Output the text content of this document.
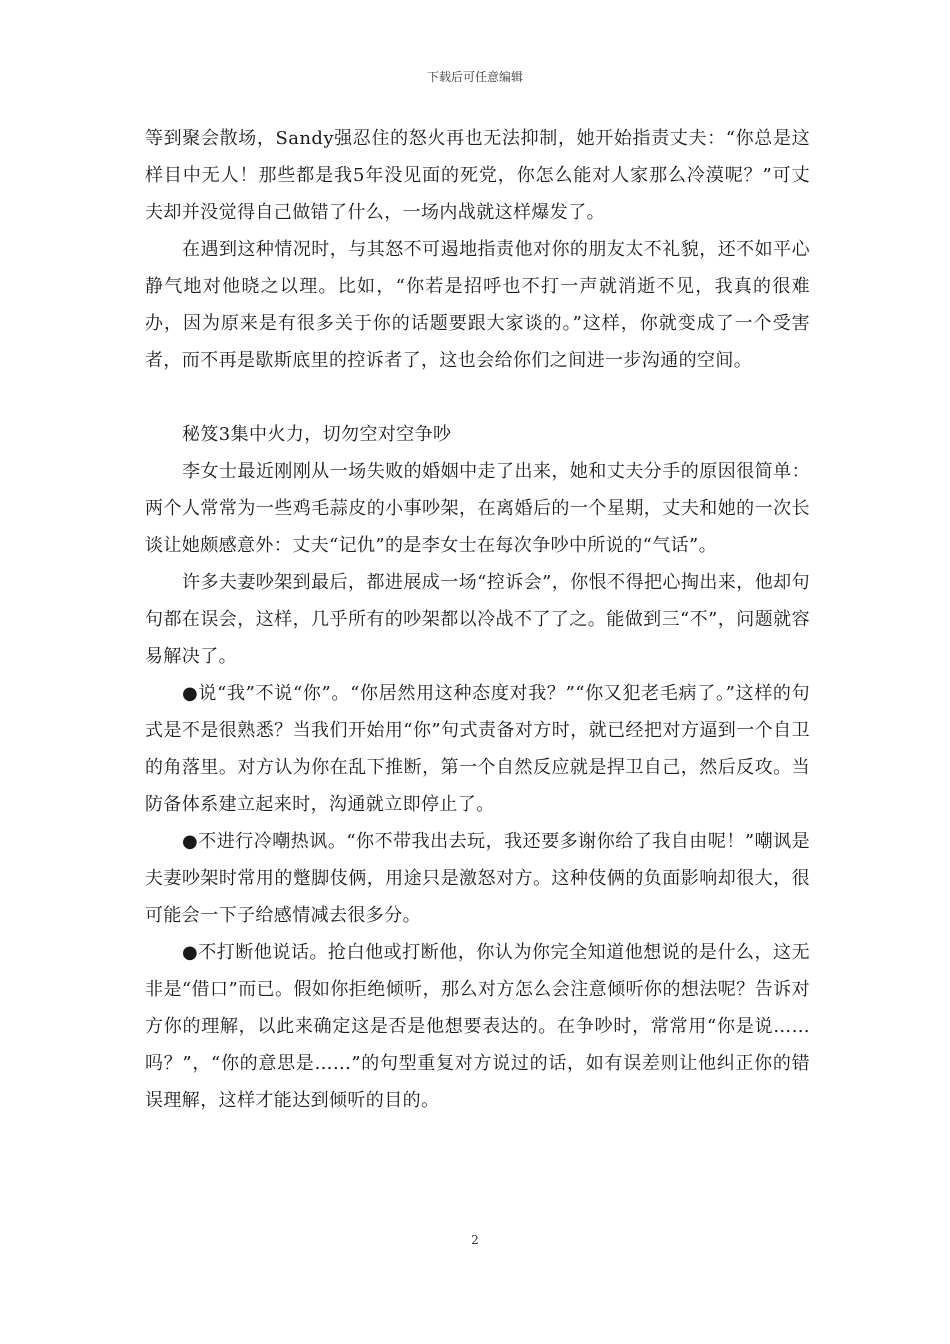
下载后可任意编辑

等到聚会散场，Sandy强忍住的怒火再也无法抑制，她开始指责丈夫：“你总是这样目中无人！那些都是我5年没见面的死党，你怎么能对人家那么冷漠呢？”可丈夫却并没觉得自己做错了什么，一场内战就这样爆发了。

在遇到这种情况时，与其怒不可遏地指责他对你的朋友太不礼貌，还不如平心静气地对他晓之以理。比如，“你若是招呼也不打一声就消逝不见，我真的很难办，因为原来是有很多关于你的话题要跟大家谈的。”这样，你就变成了一个受害者，而不再是歇斯底里的控诉者了，这也会给你们之间进一步沟通的空间。

秘笈3集中火力，切勿空对空争吵

李女士最近刚刚从一场失败的婚姻中走了出来，她和丈夫分手的原因很简单：两个人常常为一些鸡毛蒜皮的小事吵架，在离婚后的一个星期，丈夫和她的一次长谈让她颇感意外：丈夫“记仇”的是李女士在每次争吵中所说的“气话”。

许多夫妻吵架到最后，都进展成一场“控诉会”，你恨不得把心掏出来，他却句句都在误会，这样，几乎所有的吵架都以冷战不了了之。能做到三“不”，问题就容易解决了。

●说“我”不说“你”。“你居然用这种态度对我？”“你又犯老毛病了。”这样的句式是不是很熟悉？当我们开始用“你”句式责备对方时，就已经把对方逼到一个自卫的角落里。对方认为你在乱下推断，第一个自然反应就是捍卫自己，然后反攻。当防备体系建立起来时，沟通就立即停止了。

●不进行冷嘲热讽。“你不带我出去玩，我还要多谢你给了我自由呢！”嘲讽是夫妻吵架时常用的蹩脚伎俩，用途只是激怒对方。这种伎俩的负面影响却很大，很可能会一下子给感情减去很多分。

●不打断他说话。抢白他或打断他，你认为你完全知道他想说的是什么，这无非是“借口”而已。假如你拒绝倾听，那么对方怎么会注意倾听你的想法呢？告诉对方你的理解，以此来确定这是否是他想要表达的。在争吵时，常常用“你是说……吗？”，“你的意思是……”的句型重复对方说过的话，如有误差则让他纠正你的错误理解，这样才能达到倾听的目的。

2
